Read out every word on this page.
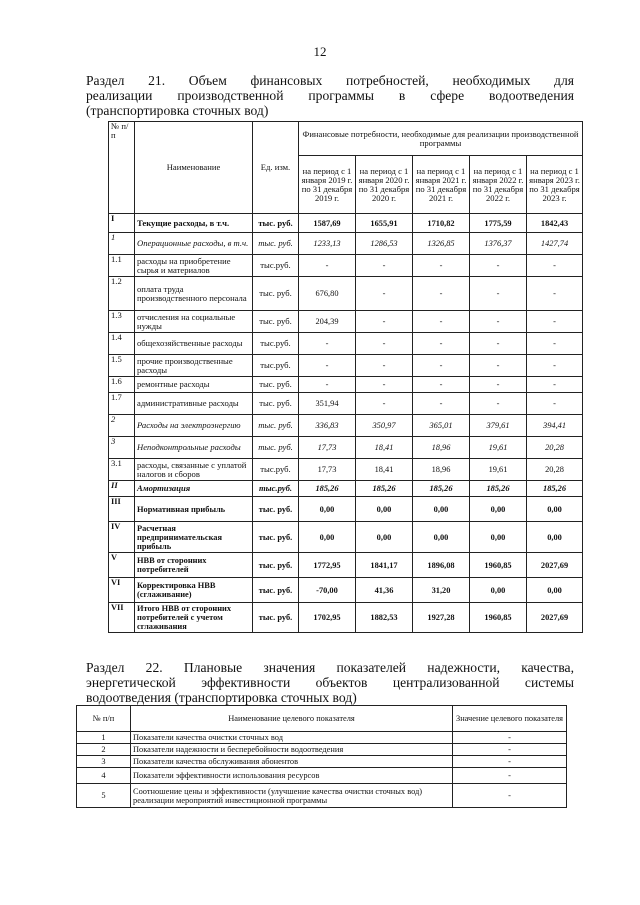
12
Раздел 21. Объем финансовых потребностей, необходимых для
реализации производственной программы в сфере водоотведения
(транспортировка сточных вод)
№ п/п	Наименование	Ед. изм.	Финансовые потребности, необходимые для реализации производственной программы				
			на период с 1 января 2019 г. по 31 декабря 2019 г.	на период с 1 января 2020 г. по 31 декабря 2020 г.	на период с 1 января 2021 г. по 31 декабря 2021 г.	на период с 1 января 2022 г. по 31 декабря 2022 г.	на период с 1 января 2023 г. по 31 декабря 2023 г.
I	Текущие расходы, в т.ч.	тыс. руб.	1587,69	1655,91	1710,82	1775,59	1842,43
1	Операционные расходы, в т.ч.	тыс. руб.	1233,13	1286,53	1326,85	1376,37	1427,74
1.1	расходы на приобретение сырья и материалов	тыс.руб.	-	-	-	-	-
1.2	оплата труда производственного персонала	тыс. руб.	676,80	-	-	-	-
1.3	отчисления на социальные нужды	тыс. руб.	204,39	-	-	-	-
1.4	общехозяйственные расходы	тыс.руб.	-	-	-	-	-
1.5	прочие производственные расходы	тыс.руб.	-	-	-	-	-
1.6	ремонтные расходы	тыс. руб.	-	-	-	-	-
1.7	административные расходы	тыс. руб.	351,94	-	-	-	-
2	Расходы на электроэнергию	тыс. руб.	336,83	350,97	365,01	379,61	394,41
3	Неподконтрольные расходы	тыс. руб.	17,73	18,41	18,96	19,61	20,28
3.1	расходы, связанные с уплатой налогов и сборов	тыс.руб.	17,73	18,41	18,96	19,61	20,28
II	Амортизация	тыс.руб.	185,26	185,26	185,26	185,26	185,26
III	Нормативная прибыль	тыс. руб.	0,00	0,00	0,00	0,00	0,00
IV	Расчетная предпринимательская прибыль	тыс. руб.	0,00	0,00	0,00	0,00	0,00
V	НВВ от сторонних потребителей	тыс. руб.	1772,95	1841,17	1896,08	1960,85	2027,69
VI	Корректировка НВВ (сглаживание)	тыс. руб.	-70,00	41,36	31,20	0,00	0,00
VII	Итого НВВ от сторонних потребителей с учетом сглаживания	тыс. руб.	1702,95	1882,53	1927,28	1960,85	2027,69
Раздел 22. Плановые значения показателей надежности, качества,
энергетической эффективности объектов централизованной системы
водоотведения (транспортировка сточных вод)
№ п/п	Наименование целевого показателя	Значение целевого показателя
1	Показатели качества очистки сточных вод	-
2	Показатели надежности и бесперебойности водоотведения	-
3	Показатели качества обслуживания абонентов	-
4	Показатели эффективности использования ресурсов	-
5	Соотношение цены и эффективности (улучшение качества очистки сточных вод) реализации мероприятий инвестиционной программы	-
